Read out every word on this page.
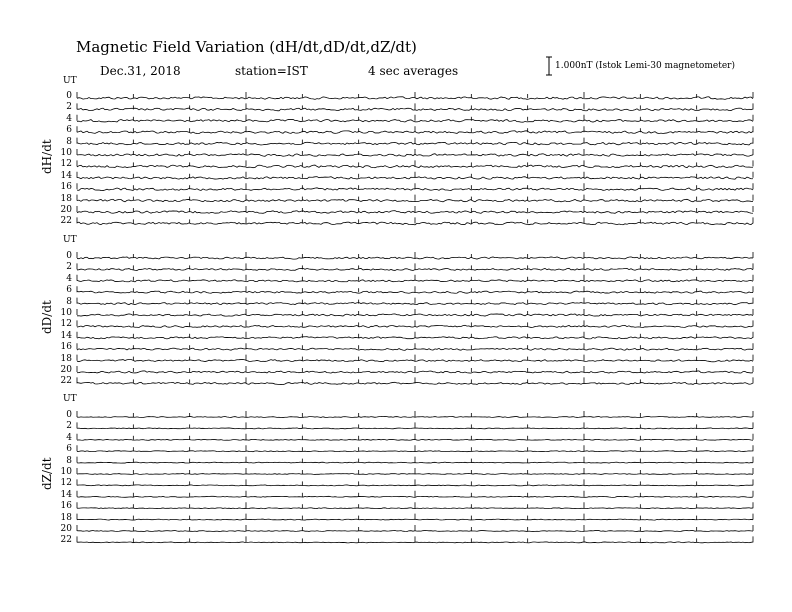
Magnetic Field Variation (dH/dt,dD/dt,dZ/dt)
Dec.31, 2018	station=IST	4 sec averages	1.000nT (Istok Lemi-30 magnetometer)
UT
UT
UT
dH/dt
dD/dt
dZ/dt
0
2
4
6
8
10
12
14
16
18
20
22
0
2
4
6
8
10
12
14
16
18
20
22
0
2
4
6
8
10
12
14
16
18
20
22
